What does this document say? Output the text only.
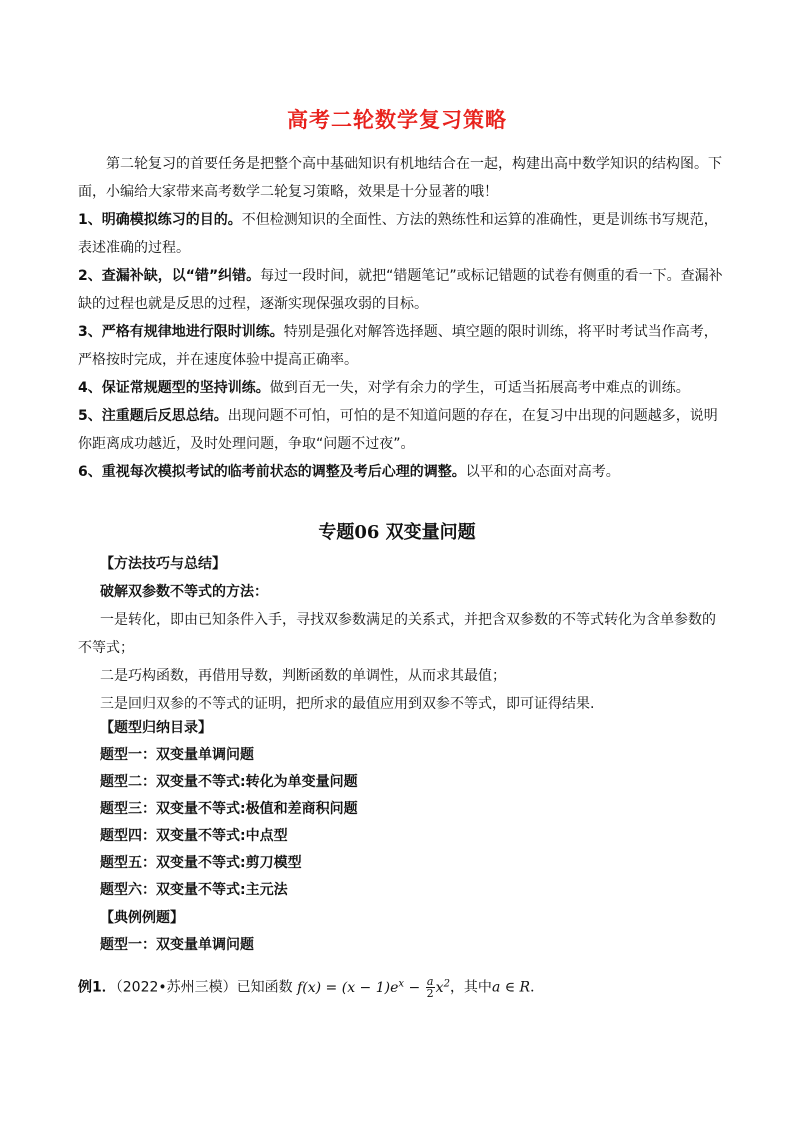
高考二轮数学复习策略

第二轮复习的首要任务是把整个高中基础知识有机地结合在一起，构建出高中数学知识的结构图。下面，小编给大家带来高考数学二轮复习策略，效果是十分显著的哦！

1、明确模拟练习的目的。不但检测知识的全面性、方法的熟练性和运算的准确性，更是训练书写规范，表述准确的过程。
2、查漏补缺，以“错”纠错。每过一段时间，就把“错题笔记”或标记错题的试卷有侧重的看一下。查漏补缺的过程也就是反思的过程，逐渐实现保强攻弱的目标。
3、严格有规律地进行限时训练。特别是强化对解答选择题、填空题的限时训练，将平时考试当作高考，严格按时完成，并在速度体验中提高正确率。
4、保证常规题型的坚持训练。做到百无一失，对学有余力的学生，可适当拓展高考中难点的训练。
5、注重题后反思总结。出现问题不可怕，可怕的是不知道问题的存在，在复习中出现的问题越多，说明你距离成功越近，及时处理问题，争取“问题不过夜”。
6、重视每次模拟考试的临考前状态的调整及考后心理的调整。以平和的心态面对高考。
专题06 双变量问题
【方法技巧与总结】
破解双参数不等式的方法：
一是转化，即由已知条件入手，寻找双参数满足的关系式，并把含双参数的不等式转化为含单参数的不等式；
二是巧构函数，再借用导数，判断函数的单调性，从而求其最值；
三是回归双参的不等式的证明，把所求的最值应用到双参不等式，即可证得结果.
【题型归纳目录】
题型一：双变量单调问题
题型二：双变量不等式:转化为单变量问题
题型三：双变量不等式:极值和差商积问题
题型四：双变量不等式:中点型
题型五：双变量不等式:剪刀模型
题型六：双变量不等式:主元法
【典例例题】
题型一：双变量单调问题
例1．（2022•苏州三模）已知函数 $f(x) = (x - 1)e^x - \frac{a}{2} x^2$，其中a ∈ R．
